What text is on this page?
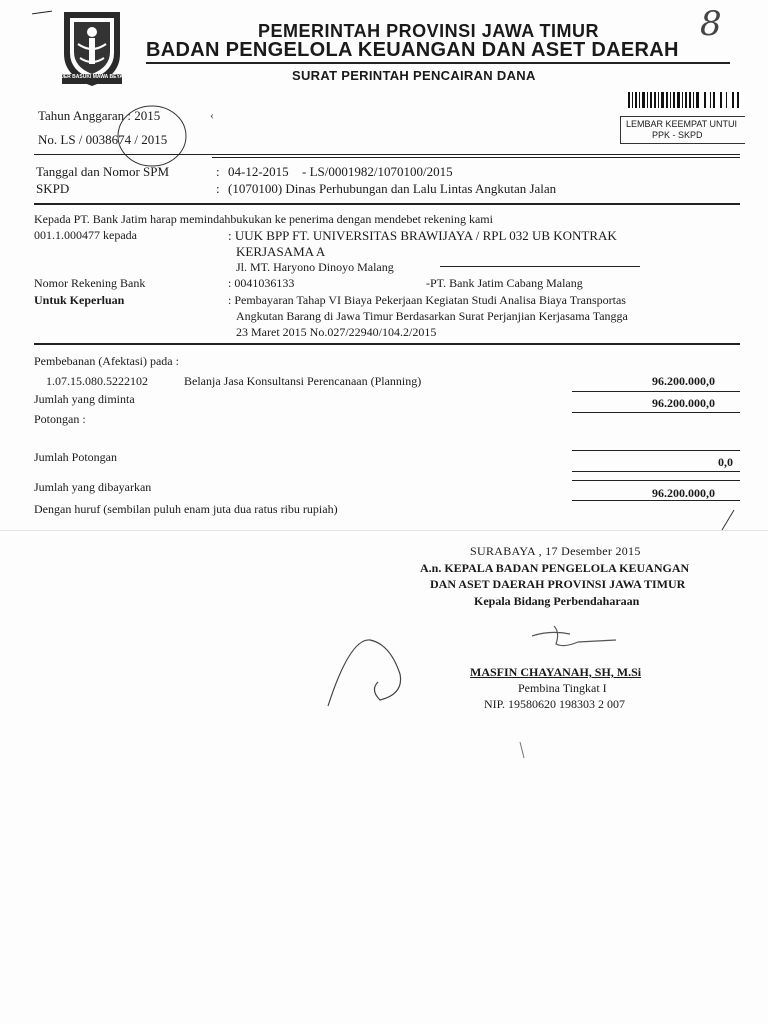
JER BASUKI MAWA BEYA
PEMERINTAH PROVINSI JAWA TIMUR
BADAN PENGELOLA KEUANGAN DAN ASET DAERAH
SURAT PERINTAH PENCAIRAN DANA
8
LEMBAR KEEMPAT UNTUI
PPK - SKPD
Tahun Anggaran : 2015
No. LS / 0038674 / 2015
‹
Tanggal dan Nomor SPM	: 04-12-2015 - LS/0001982/1070100/2015
SKPD	: (1070100) Dinas Perhubungan dan Lalu Lintas Angkutan Jalan
Kepada PT. Bank Jatim harap memindahbukukan ke penerima dengan mendebet rekening kami
001.1.000477 kepada	: UUK BPP FT. UNIVERSITAS BRAWIJAYA / RPL 032 UB KONTRAK
KERJASAMA A
Jl. MT. Haryono Dinoyo Malang
Nomor Rekening Bank	: 0041036133	-PT. Bank Jatim Cabang Malang
Untuk Keperluan	: Pembayaran Tahap VI Biaya Pekerjaan Kegiatan Studi Analisa Biaya Transportas
Angkutan Barang di Jawa Timur Berdasarkan Surat Perjanjian Kerjasama Tangga
23 Maret 2015 No.027/22940/104.2/2015
Pembebanan (Afektasi) pada :
1.07.15.080.5222102	Belanja Jasa Konsultansi Perencanaan (Planning)	96.200.000,0
Jumlah yang diminta	96.200.000,0
Potongan :
Jumlah Potongan	0,0
Jumlah yang dibayarkan	96.200.000,0
Dengan huruf (sembilan puluh enam juta dua ratus ribu rupiah)
SURABAYA , 17 Desember 2015
A.n. KEPALA BADAN PENGELOLA KEUANGAN
DAN ASET DAERAH PROVINSI JAWA TIMUR
Kepala Bidang Perbendaharaan
MASFIN CHAYANAH, SH, M.Si
Pembina Tingkat I
NIP. 19580620 198303 2 007
